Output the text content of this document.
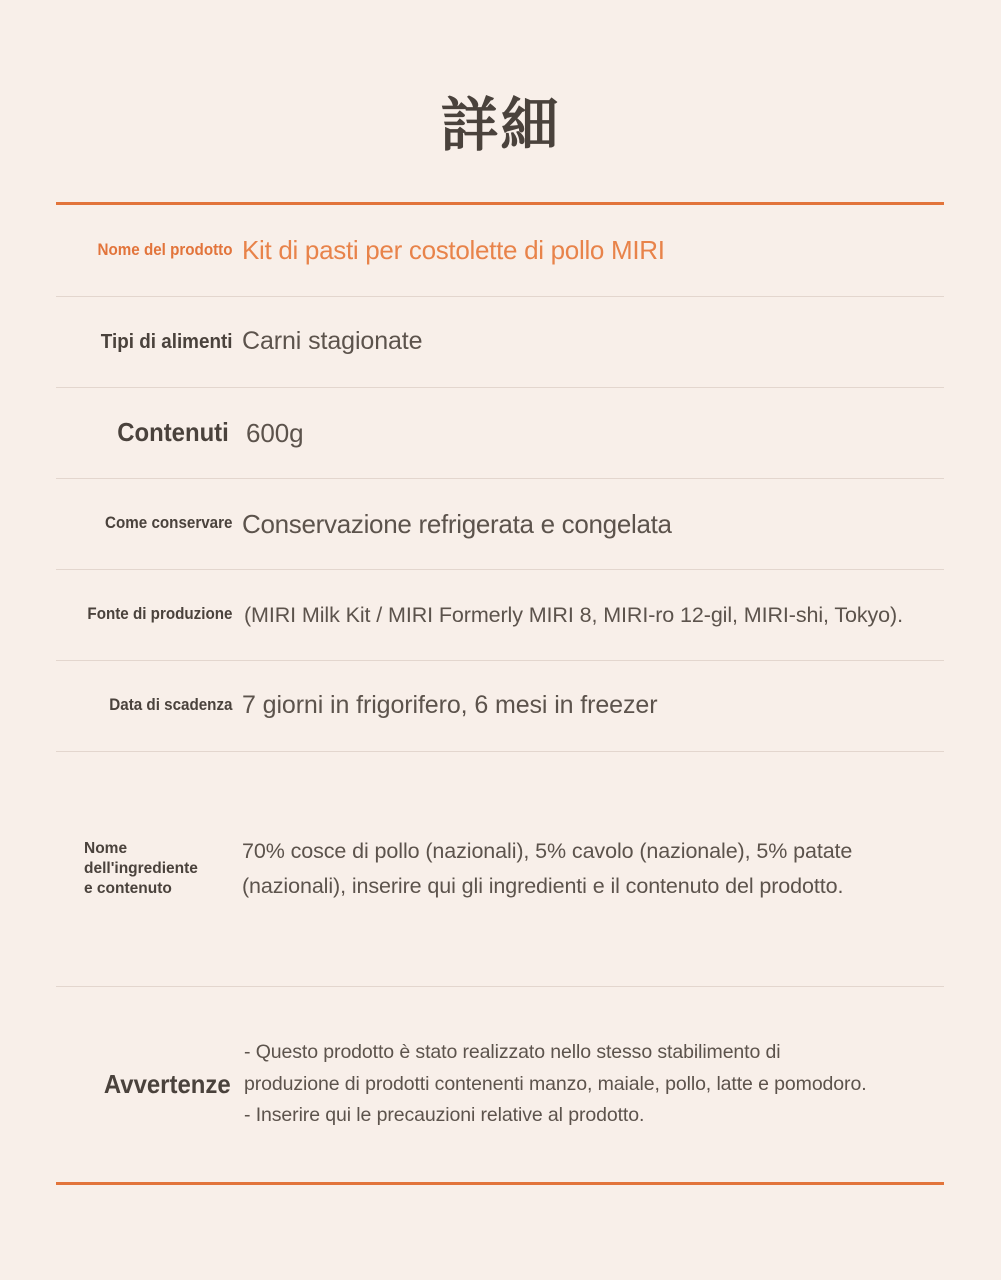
詳細
Nome del prodotto Kit di pasti per costolette di pollo MIRI
Tipi di alimenti Carni stagionate
Contenuti 600g
Come conservare Conservazione refrigerata e congelata
Fonte di produzione (MIRI Milk Kit / MIRI Formerly MIRI 8, MIRI-ro 12-gil, MIRI-shi, Tokyo).
Data di scadenza 7 giorni in frigorifero, 6 mesi in freezer
Nome dell'ingrediente
e contenuto
70% cosce di pollo (nazionali), 5% cavolo (nazionale), 5% patate
(nazionali), inserire qui gli ingredienti e il contenuto del prodotto.
Avvertenze
- Questo prodotto è stato realizzato nello stesso stabilimento di
produzione di prodotti contenenti manzo, maiale, pollo, latte e pomodoro.
- Inserire qui le precauzioni relative al prodotto.
